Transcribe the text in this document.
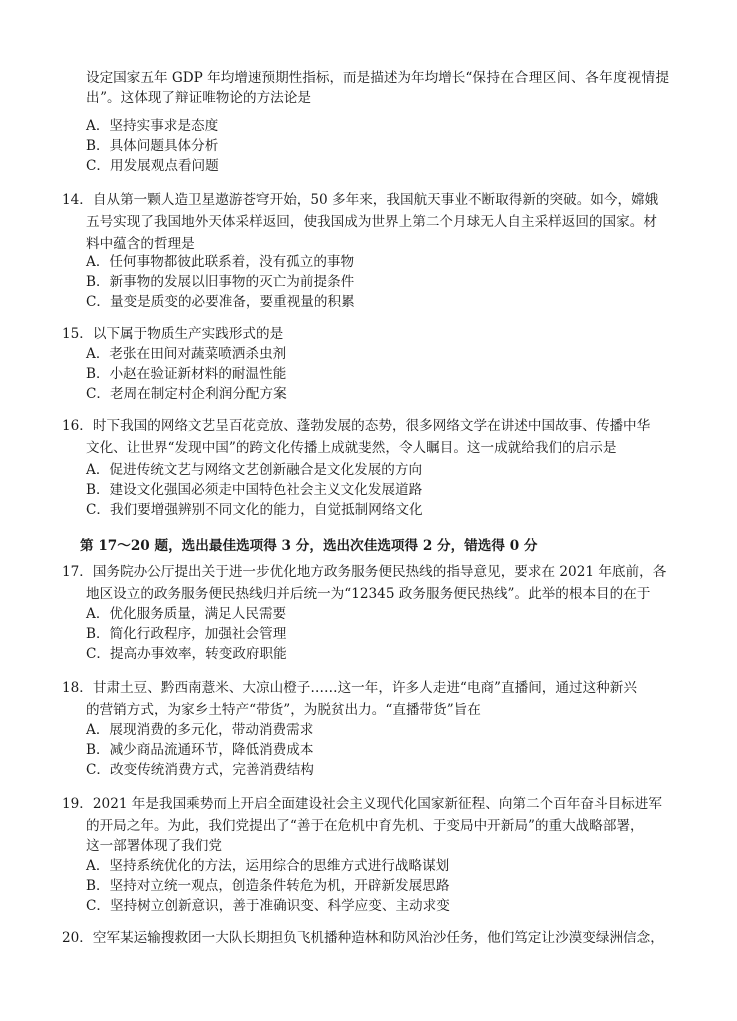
设定国家五年 GDP 年均增速预期性指标，而是描述为年均增长“保持在合理区间、各年度视情提
出”。这体现了辩证唯物论的方法论是
A．坚持实事求是态度
B．具体问题具体分析
C．用发展观点看问题
14．自从第一颗人造卫星遨游苍穹开始，50 多年来，我国航天事业不断取得新的突破。如今，嫦娥
五号实现了我国地外天体采样返回，使我国成为世界上第二个月球无人自主采样返回的国家。材
料中蕴含的哲理是
A．任何事物都彼此联系着，没有孤立的事物
B．新事物的发展以旧事物的灭亡为前提条件
C．量变是质变的必要准备，要重视量的积累
15．以下属于物质生产实践形式的是
A．老张在田间对蔬菜喷洒杀虫剂
B．小赵在验证新材料的耐温性能
C．老周在制定村企利润分配方案
16．时下我国的网络文艺呈百花竞放、蓬勃发展的态势，很多网络文学在讲述中国故事、传播中华
文化、让世界“发现中国”的跨文化传播上成就斐然，令人瞩目。这一成就给我们的启示是
A．促进传统文艺与网络文艺创新融合是文化发展的方向
B．建设文化强国必须走中国特色社会主义文化发展道路
C．我们要增强辨别不同文化的能力，自觉抵制网络文化
第 17～20 题，选出最佳选项得 3 分，选出次佳选项得 2 分，错选得 0 分
17．国务院办公厅提出关于进一步优化地方政务服务便民热线的指导意见，要求在 2021 年底前，各
地区设立的政务服务便民热线归并后统一为“12345 政务服务便民热线”。此举的根本目的在于
A．优化服务质量，满足人民需要
B．简化行政程序，加强社会管理
C．提高办事效率，转变政府职能
18．甘肃土豆、黔西南薏米、大凉山橙子……这一年，许多人走进“电商”直播间，通过这种新兴
的营销方式，为家乡土特产“带货”，为脱贫出力。“直播带货”旨在
A．展现消费的多元化，带动消费需求
B．减少商品流通环节，降低消费成本
C．改变传统消费方式，完善消费结构
19．2021 年是我国乘势而上开启全面建设社会主义现代化国家新征程、向第二个百年奋斗目标进军
的开局之年。为此，我们党提出了“善于在危机中育先机、于变局中开新局”的重大战略部署，
这一部署体现了我们党
A．坚持系统优化的方法，运用综合的思维方式进行战略谋划
B．坚持对立统一观点，创造条件转危为机，开辟新发展思路
C．坚持树立创新意识，善于准确识变、科学应变、主动求变
20．空军某运输搜救团一大队长期担负飞机播种造林和防风治沙任务，他们笃定让沙漠变绿洲信念，
